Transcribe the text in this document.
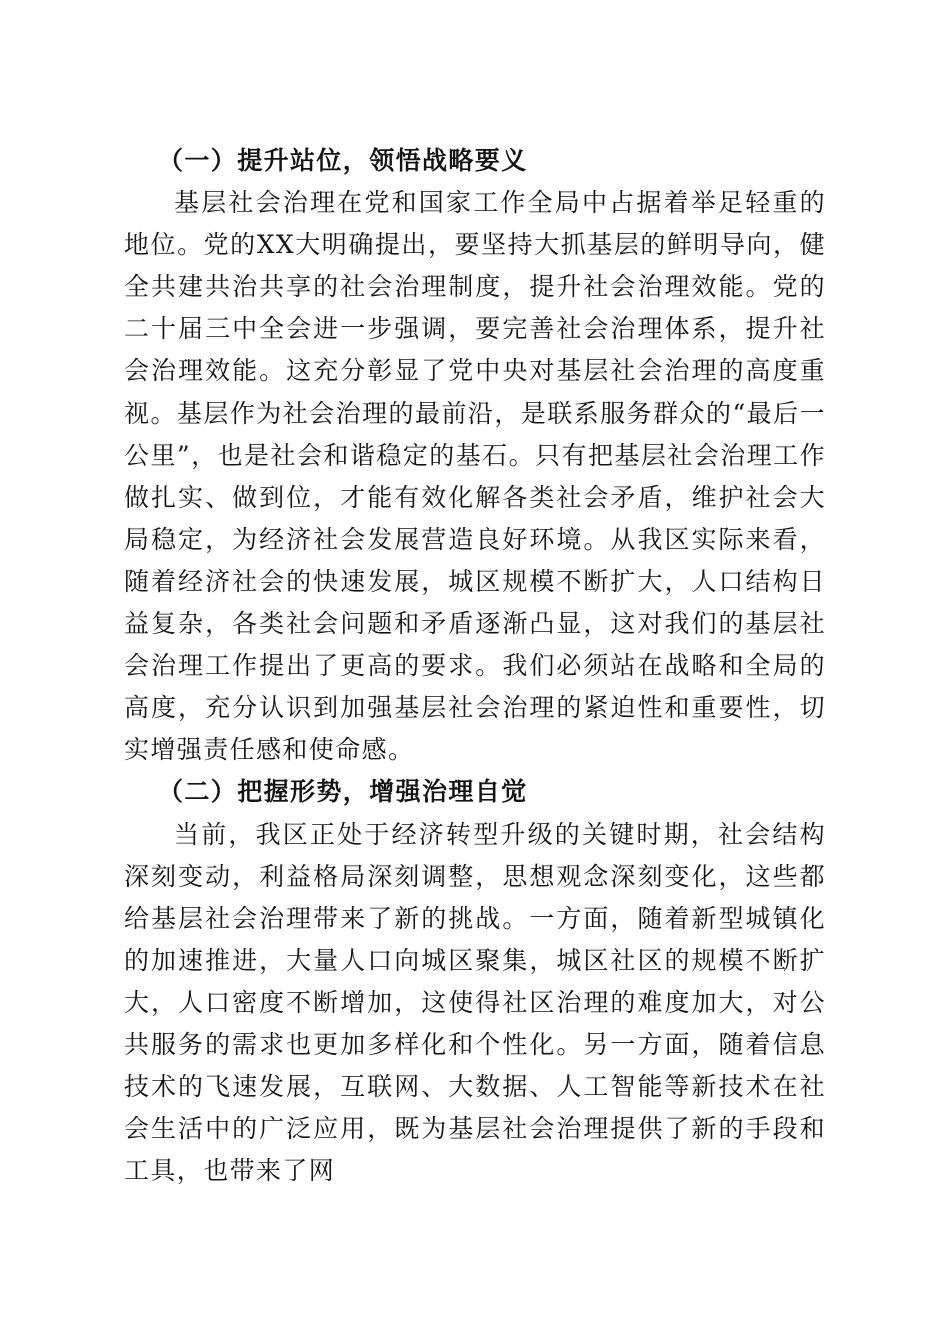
（一）提升站位，领悟战略要义

基层社会治理在党和国家工作全局中占据着举足轻重的地位。党的XX大明确提出，要坚持大抓基层的鲜明导向，健全共建共治共享的社会治理制度，提升社会治理效能。党的二十届三中全会进一步强调，要完善社会治理体系，提升社会治理效能。这充分彰显了党中央对基层社会治理的高度重视。基层作为社会治理的最前沿，是联系服务群众的“最后一公里”，也是社会和谐稳定的基石。只有把基层社会治理工作做扎实、做到位，才能有效化解各类社会矛盾，维护社会大局稳定，为经济社会发展营造良好环境。从我区实际来看，随着经济社会的快速发展，城区规模不断扩大，人口结构日益复杂，各类社会问题和矛盾逐渐凸显，这对我们的基层社会治理工作提出了更高的要求。我们必须站在战略和全局的高度，充分认识到加强基层社会治理的紧迫性和重要性，切实增强责任感和使命感。

（二）把握形势，增强治理自觉

当前，我区正处于经济转型升级的关键时期，社会结构深刻变动，利益格局深刻调整，思想观念深刻变化，这些都给基层社会治理带来了新的挑战。一方面，随着新型城镇化的加速推进，大量人口向城区聚集，城区社区的规模不断扩大，人口密度不断增加，这使得社区治理的难度加大，对公共服务的需求也更加多样化和个性化。另一方面，随着信息技术的飞速发展，互联网、大数据、人工智能等新技术在社会生活中的广泛应用，既为基层社会治理提供了新的手段和工具，也带来了网
